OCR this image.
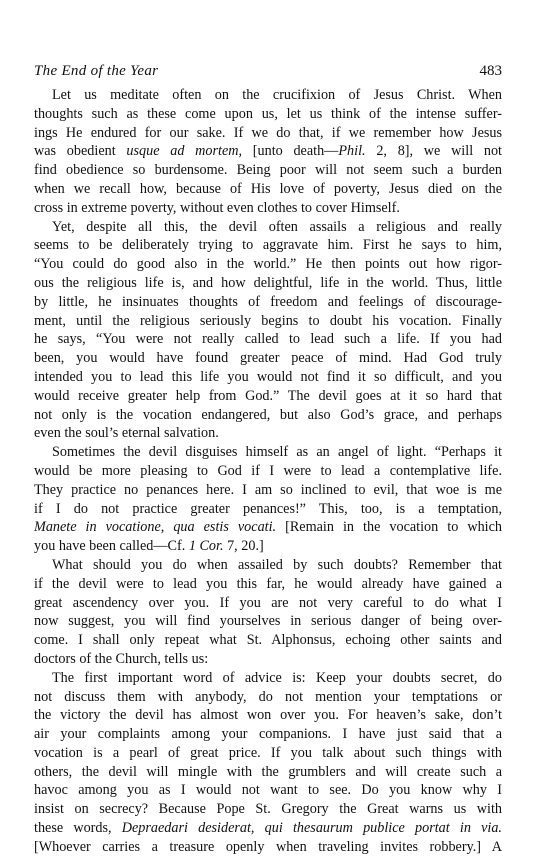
The End of the Year	483
Let us meditate often on the crucifixion of Jesus Christ. When
thoughts such as these come upon us, let us think of the intense suffer-
ings He endured for our sake. If we do that, if we remember how Jesus
was obedient usque ad mortem, [unto death—Phil. 2, 8], we will not
find obedience so burdensome. Being poor will not seem such a burden
when we recall how, because of His love of poverty, Jesus died on the
cross in extreme poverty, without even clothes to cover Himself.
Yet, despite all this, the devil often assails a religious and really
seems to be deliberately trying to aggravate him. First he says to him,
“You could do good also in the world.” He then points out how rigor-
ous the religious life is, and how delightful, life in the world. Thus, little
by little, he insinuates thoughts of freedom and feelings of discourage-
ment, until the religious seriously begins to doubt his vocation. Finally
he says, “You were not really called to lead such a life. If you had
been, you would have found greater peace of mind. Had God truly
intended you to lead this life you would not find it so difficult, and you
would receive greater help from God.” The devil goes at it so hard that
not only is the vocation endangered, but also God’s grace, and perhaps
even the soul’s eternal salvation.
Sometimes the devil disguises himself as an angel of light. “Perhaps it
would be more pleasing to God if I were to lead a contemplative life.
They practice no penances here. I am so inclined to evil, that woe is me
if I do not practice greater penances!” This, too, is a temptation,
Manete in vocatione, qua estis vocati. [Remain in the vocation to which
you have been called—Cf. 1 Cor. 7, 20.]
What should you do when assailed by such doubts? Remember that
if the devil were to lead you this far, he would already have gained a
great ascendency over you. If you are not very careful to do what I
now suggest, you will find yourselves in serious danger of being over-
come. I shall only repeat what St. Alphonsus, echoing other saints and
doctors of the Church, tells us:
The first important word of advice is: Keep your doubts secret, do
not discuss them with anybody, do not mention your temptations or
the victory the devil has almost won over you. For heaven’s sake, don’t
air your complaints among your companions. I have just said that a
vocation is a pearl of great price. If you talk about such things with
others, the devil will mingle with the grumblers and will create such a
havoc among you as I would not want to see. Do you know why I
insist on secrecy? Because Pope St. Gregory the Great warns us with
these words, Depraedari desiderat, qui thesaurum publice portat in via.
[Whoever carries a treasure openly when traveling invites robbery.] A
